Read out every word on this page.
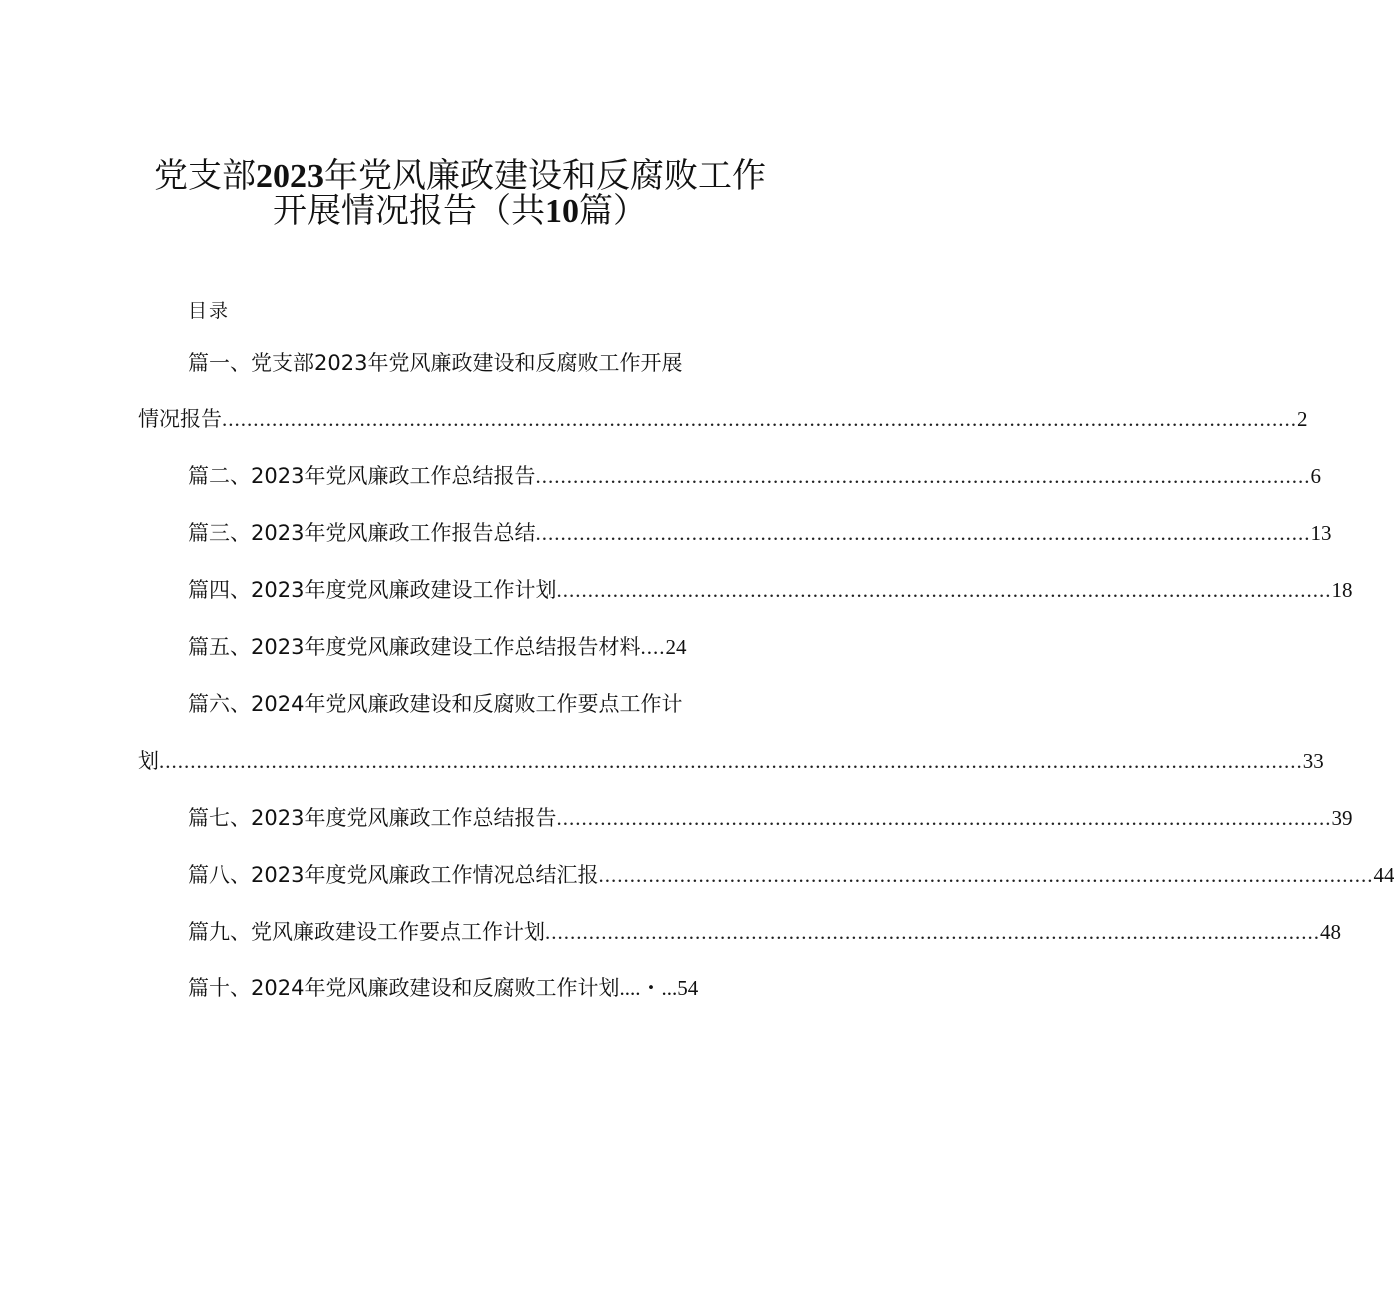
党支部2023年党风廉政建设和反腐败工作
开展情况报告（共10篇）
目录
篇一、党支部2023年党风廉政建设和反腐败工作开展
情况报告 ............................................................................................................................................................................ 2
篇二、2023年党风廉政工作总结报告 ............................................................................................................................ 6
篇三、2023年党风廉政工作报告总结 ............................................................................................................................ 13
篇四、2023年度党风廉政建设工作计划 ............................................................................................................................ 18
篇五、2023年度党风廉政建设工作总结报告材料 .... 24
篇六、2024年党风廉政建设和反腐败工作要点工作计
划 ....................................................................................................................................................................................... 33
篇七、2023年度党风廉政工作总结报告 ............................................................................................................................ 39
篇八、2023年度党风廉政工作情况总结汇报 ............................................................................................................................ 44
篇九、党风廉政建设工作要点工作计划 ............................................................................................................................ 48
篇十、2024年党风廉政建设和反腐败工作计划 ....・... 54
